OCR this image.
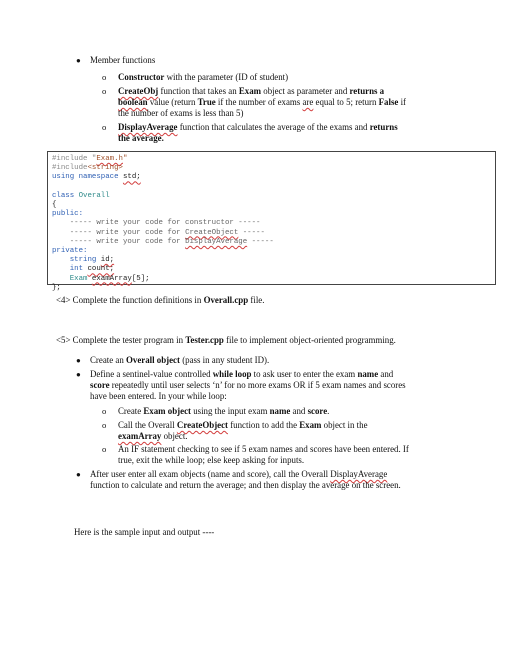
● Member functions
o Constructor with the parameter (ID of student)
o CreateObj function that takes an Exam object as parameter and returns a
boolean value (return True if the number of exams are equal to 5; return False if
the number of exams is less than 5)
o DisplayAverage function that calculates the average of the exams and returns
the average.
#include "Exam.h"
#include<string>
using namespace std;

class Overall
{
public:
----- write your code for constructor -----
----- write your code for CreateObject -----
----- write your code for DisplayAverage -----
private:
string id;
int count;
Exam examArray[5];
};
<4> Complete the function definitions in Overall.cpp file.
<5> Complete the tester program in Tester.cpp file to implement object-oriented programming.
● Create an Overall object (pass in any student ID).
● Define a sentinel-value controlled while loop to ask user to enter the exam name and
score repeatedly until user selects ‘n’ for no more exams OR if 5 exam names and scores
have been entered. In your while loop:
o Create Exam object using the input exam name and score.
o Call the Overall CreateObject function to add the Exam object in the
examArray object.
o An IF statement checking to see if 5 exam names and scores have been entered. If
true, exit the while loop; else keep asking for inputs.
● After user enter all exam objects (name and score), call the Overall DisplayAverage
function to calculate and return the average; and then display the average on the screen.
Here is the sample input and output ----
